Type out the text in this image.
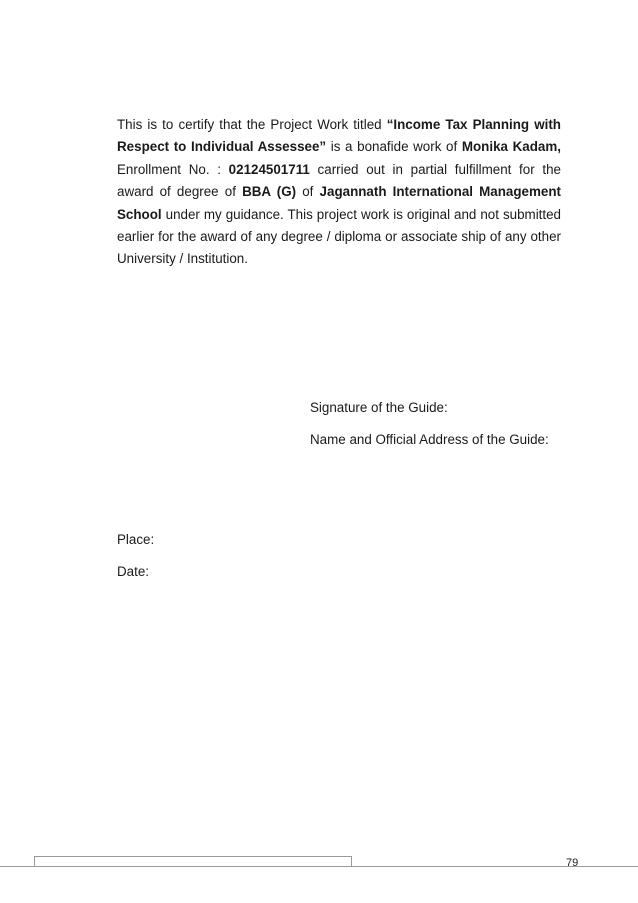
This is to certify that the Project Work titled “Income Tax Planning with Respect to Individual Assessee” is a bonafide work of Monika Kadam, Enrollment No. : 02124501711 carried out in partial fulfillment for the award of degree of BBA (G) of Jagannath International Management School under my guidance. This project work is original and not submitted earlier for the award of any degree / diploma or associate ship of any other University / Institution.

Signature of the Guide:
Name and Official Address of the Guide:
Place:
Date:
79
